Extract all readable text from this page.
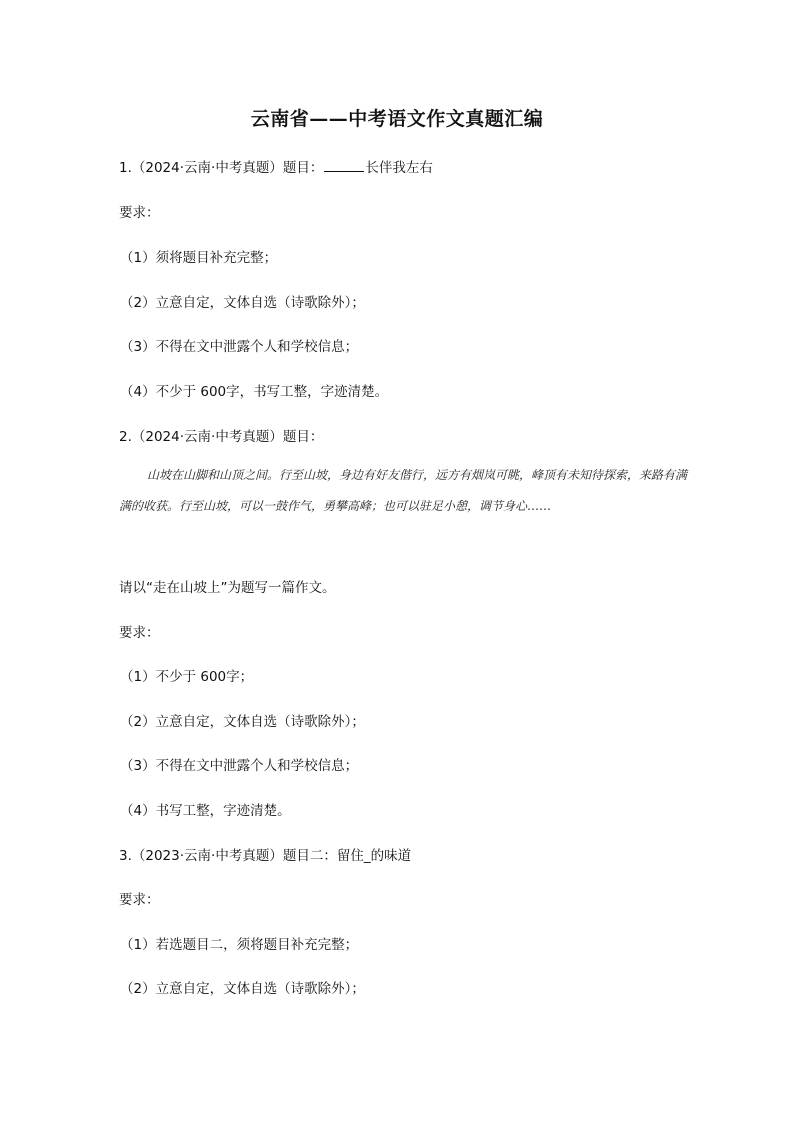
云南省——中考语文作文真题汇编
1.（2024·云南·中考真题）题目：	长伴我左右
要求：
（1）须将题目补充完整；
（2）立意自定，文体自选（诗歌除外）；
（3）不得在文中泄露个人和学校信息；
（4）不少于 600字，书写工整，字迹清楚。
2.（2024·云南·中考真题）题目：
山坡在山脚和山顶之间。行至山坡，身边有好友偕行，远方有烟岚可眺，峰顶有未知待探索，来路有满满的收获。行至山坡，可以一鼓作气，勇攀高峰；也可以驻足小憩，调节身心……
请以“走在山坡上”为题写一篇作文。
要求：
（1）不少于 600字；
（2）立意自定，文体自选（诗歌除外）；
（3）不得在文中泄露个人和学校信息；
（4）书写工整，字迹清楚。
3.（2023·云南·中考真题）题目二：留住_的味道
要求：
（1）若选题目二，须将题目补充完整；
（2）立意自定，文体自选（诗歌除外）；
